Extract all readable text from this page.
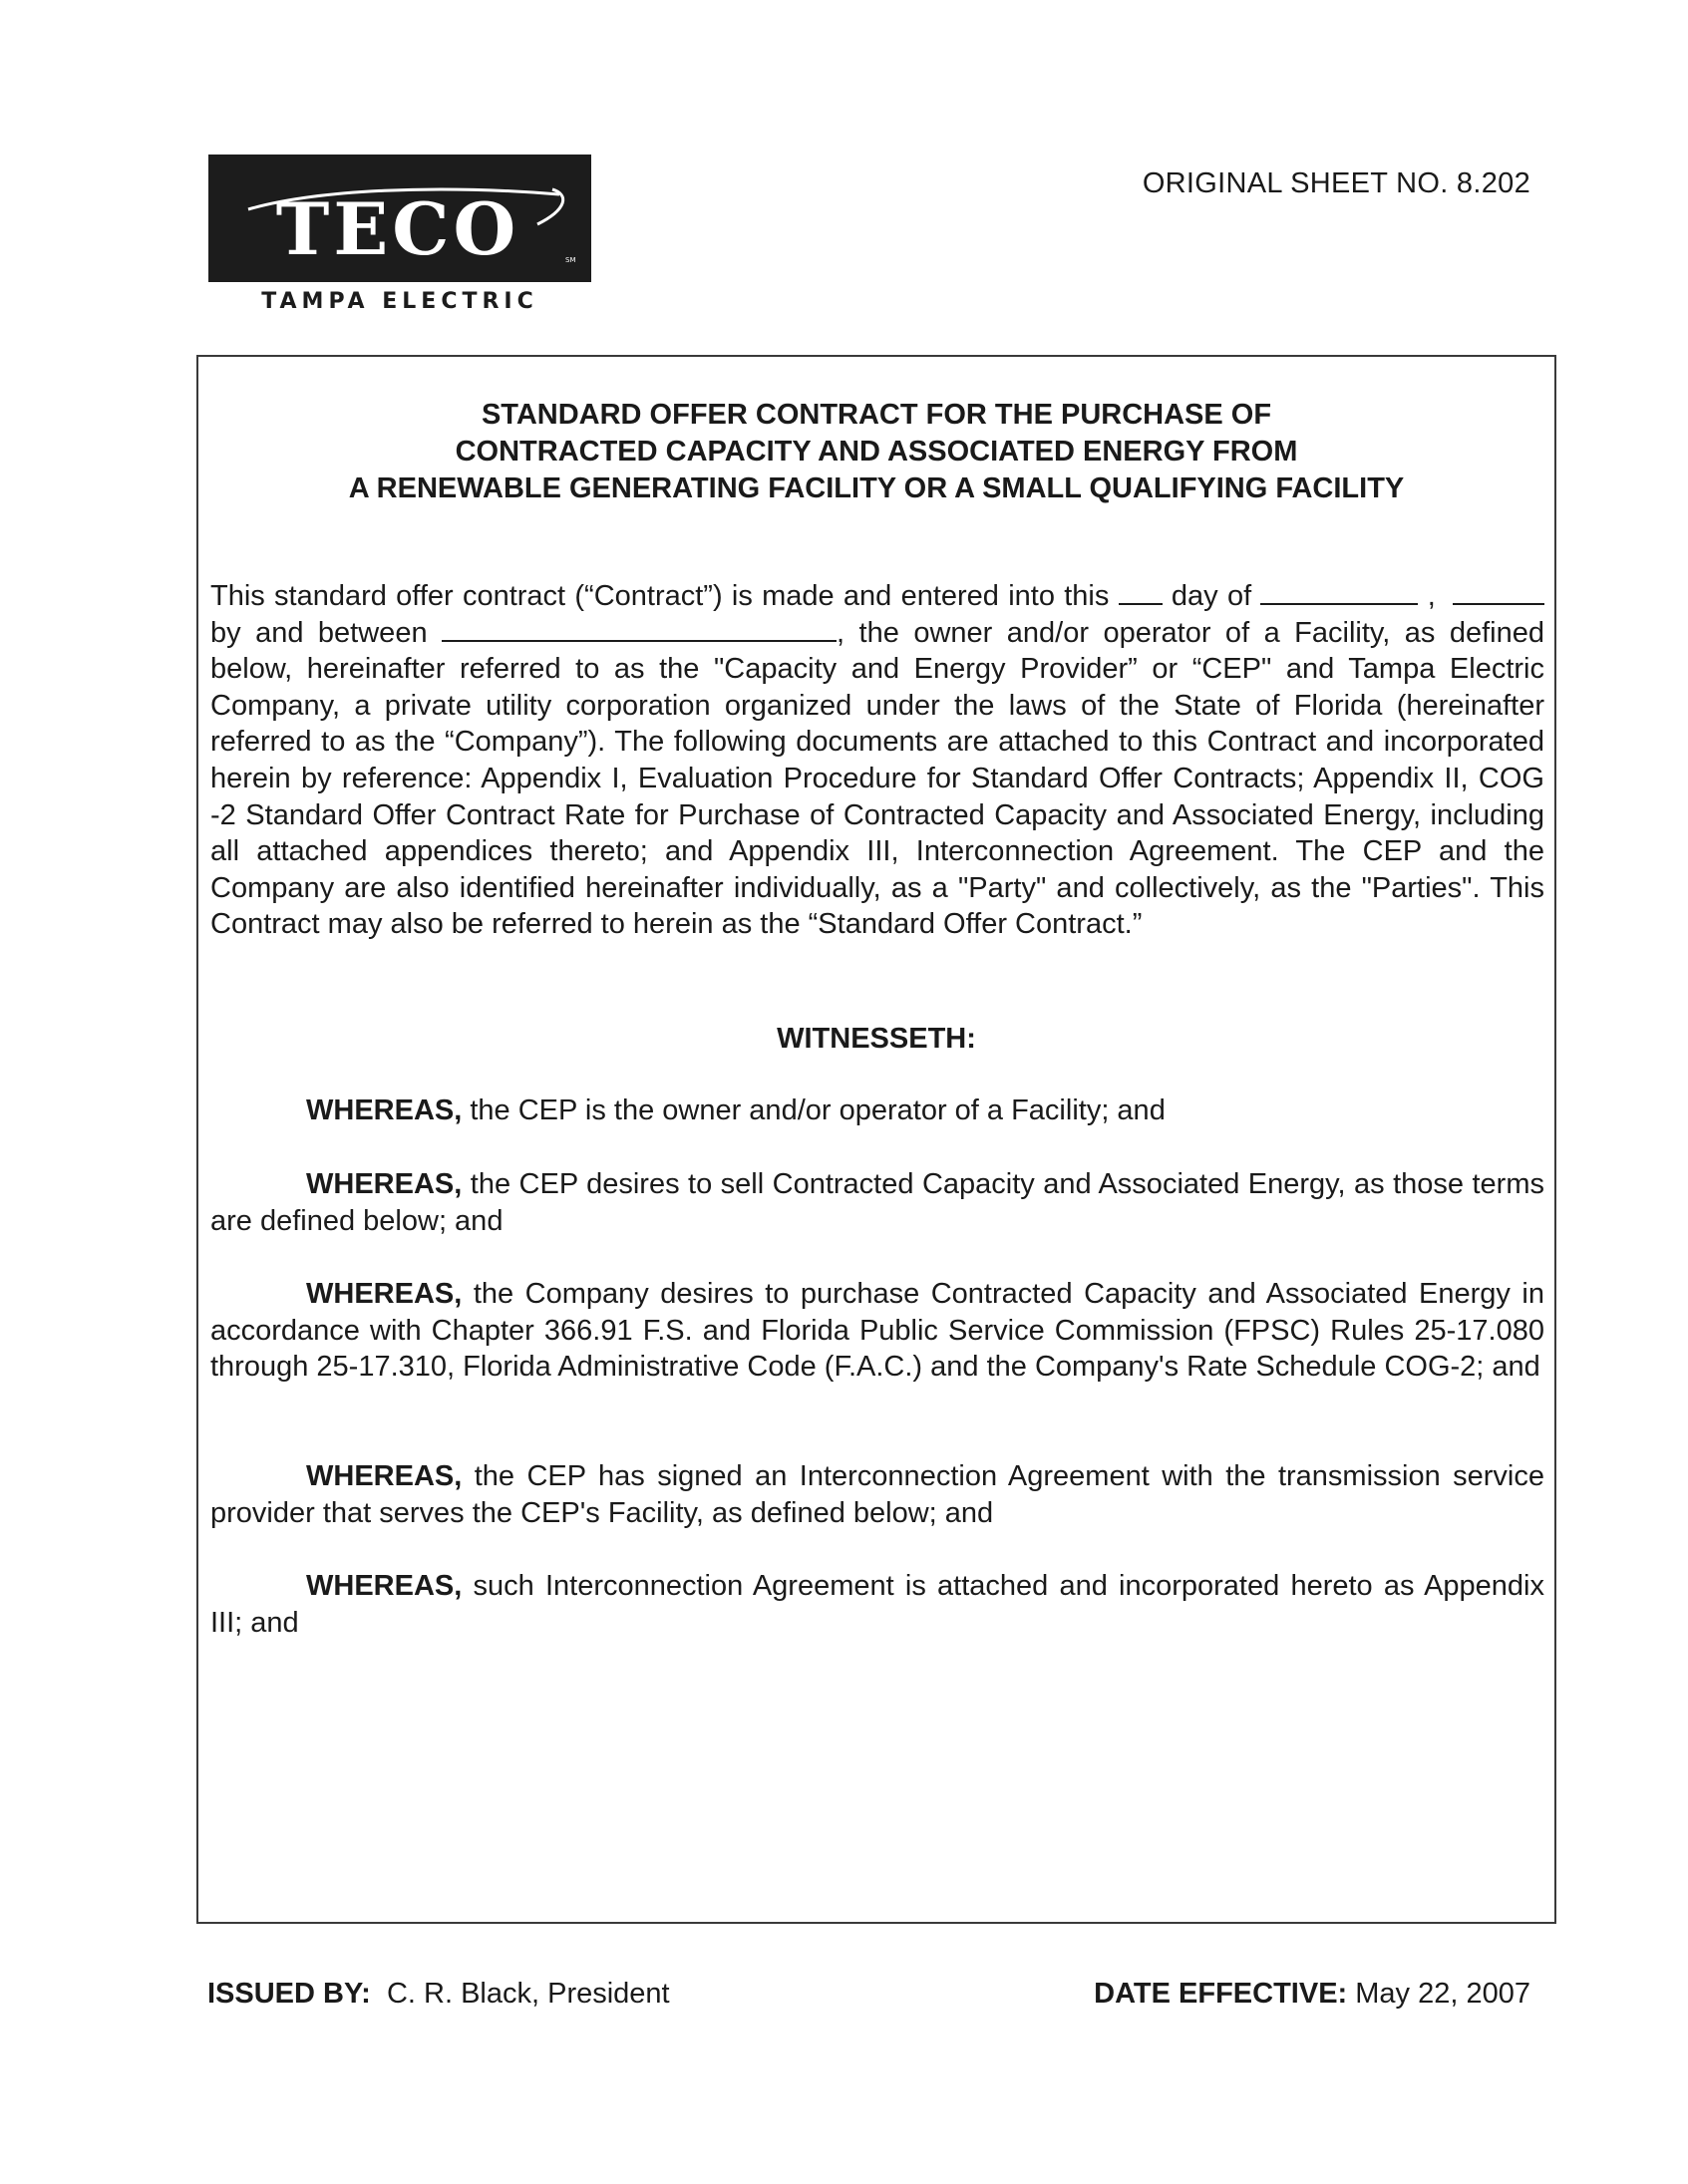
TECO	SM
TAMPA ELECTRIC
ORIGINAL SHEET NO. 8.202
STANDARD OFFER CONTRACT FOR THE PURCHASE OF
CONTRACTED CAPACITY AND ASSOCIATED ENERGY FROM
A RENEWABLE GENERATING FACILITY OR A SMALL QUALIFYING FACILITY
This standard offer contract (“Contract”) is made and entered into this day of	,  by and between	, the owner and/or operator of a Facility, as defined below, hereinafter referred to as the "Capacity and Energy Provider” or “CEP" and Tampa Electric Company, a private utility corporation organized under the laws of the State of Florida (hereinafter referred to as the “Company”). The following documents are attached to this Contract and incorporated herein by reference: Appendix I, Evaluation Procedure for Standard Offer Contracts; Appendix II, COG -2 Standard Offer Contract Rate for Purchase of Contracted Capacity and Associated Energy, including all attached appendices thereto; and Appendix III, Interconnection Agreement. The CEP and the Company are also identified hereinafter individually, as a "Party" and collectively, as the "Parties". This Contract may also be referred to herein as the “Standard Offer Contract.”
WITNESSETH:
WHEREAS, the CEP is the owner and/or operator of a Facility; and
WHEREAS, the CEP desires to sell Contracted Capacity and Associated Energy, as those terms are defined below; and
WHEREAS, the Company desires to purchase Contracted Capacity and Associated Energy in accordance with Chapter 366.91 F.S. and Florida Public Service Commission (FPSC) Rules 25-17.080 through 25-17.310, Florida Administrative Code (F.A.C.) and the Company's Rate Schedule COG-2; and
WHEREAS, the CEP has signed an Interconnection Agreement with the transmission service provider that serves the CEP's Facility, as defined below; and
WHEREAS, such Interconnection Agreement is attached and incorporated hereto as Appendix III; and
ISSUED BY: C. R. Black, President	DATE EFFECTIVE: May 22, 2007
